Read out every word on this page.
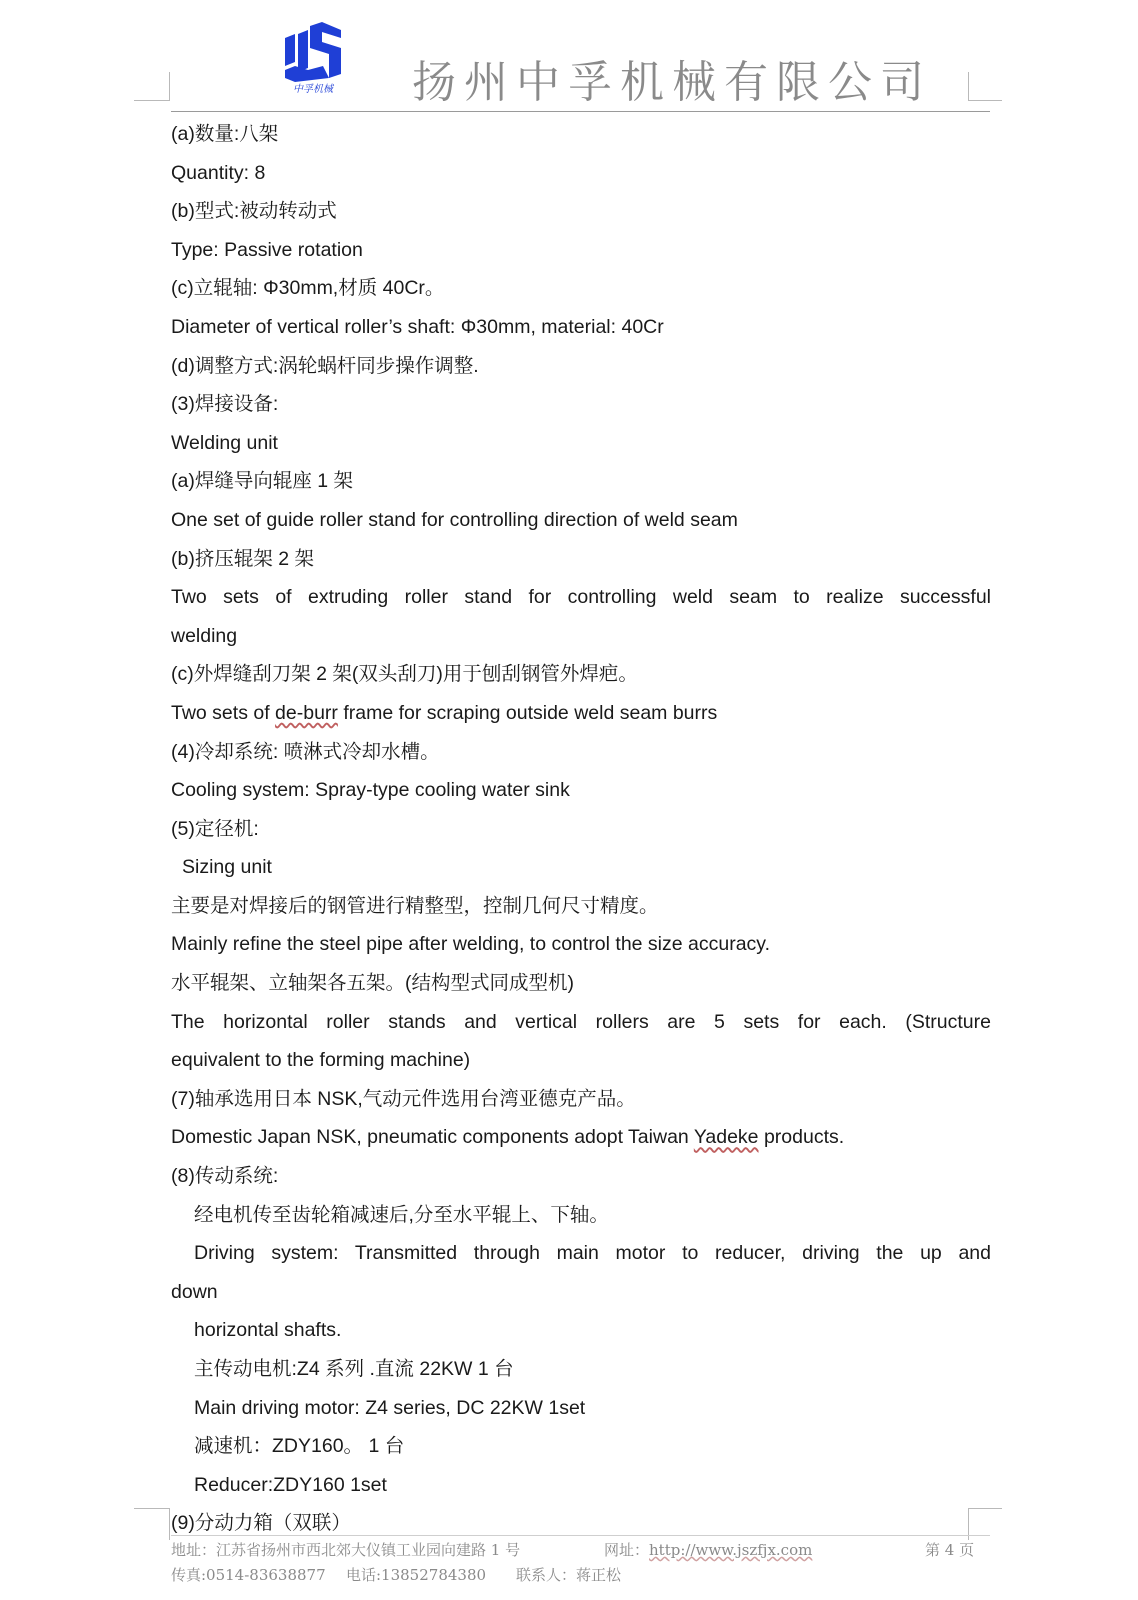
中孚机械 扬州中孚机械有限公司
(a)数量:八架
Quantity: 8
(b)型式:被动转动式
Type: Passive rotation
(c)立辊轴: Φ30mm,材质 40Cr。
Diameter of vertical roller’s shaft: Φ30mm, material: 40Cr
(d)调整方式:涡轮蜗杆同步操作调整.
(3)焊接设备:
Welding unit
(a)焊缝导向辊座 1 架
One set of guide roller stand for controlling direction of weld seam
(b)挤压辊架 2 架
Two sets of extruding roller stand for controlling weld seam to realize successful
welding
(c)外焊缝刮刀架 2 架(双头刮刀)用于刨刮钢管外焊疤。
Two sets of de-burr frame for scraping outside weld seam burrs
(4)冷却系统: 喷淋式冷却水槽。
Cooling system: Spray-type cooling water sink
(5)定径机:
Sizing unit
主要是对焊接后的钢管进行精整型，控制几何尺寸精度。
Mainly refine the steel pipe after welding, to control the size accuracy.
水平辊架、立轴架各五架。(结构型式同成型机)
The horizontal roller stands and vertical rollers are 5 sets for each. (Structure
equivalent to the forming machine)
(7)轴承选用日本 NSK,气动元件选用台湾亚德克产品。
Domestic Japan NSK, pneumatic components adopt Taiwan Yadeke products.
(8)传动系统:
经电机传至齿轮箱减速后,分至水平辊上、下轴。
Driving system: Transmitted through main motor to reducer, driving the up and
down
horizontal shafts.
主传动电机:Z4 系列 .直流 22KW 1 台
Main driving motor: Z4 series, DC 22KW 1set
减速机：ZDY160。 1 台
Reducer:ZDY160 1set
(9)分动力箱（双联）
地址：江苏省扬州市西北郊大仪镇工业园向建路 1 号	网址：http://www.jszfjx.com	第 4 页
传真:0514-83638877 电话:13852784380 联系人：蒋正松
